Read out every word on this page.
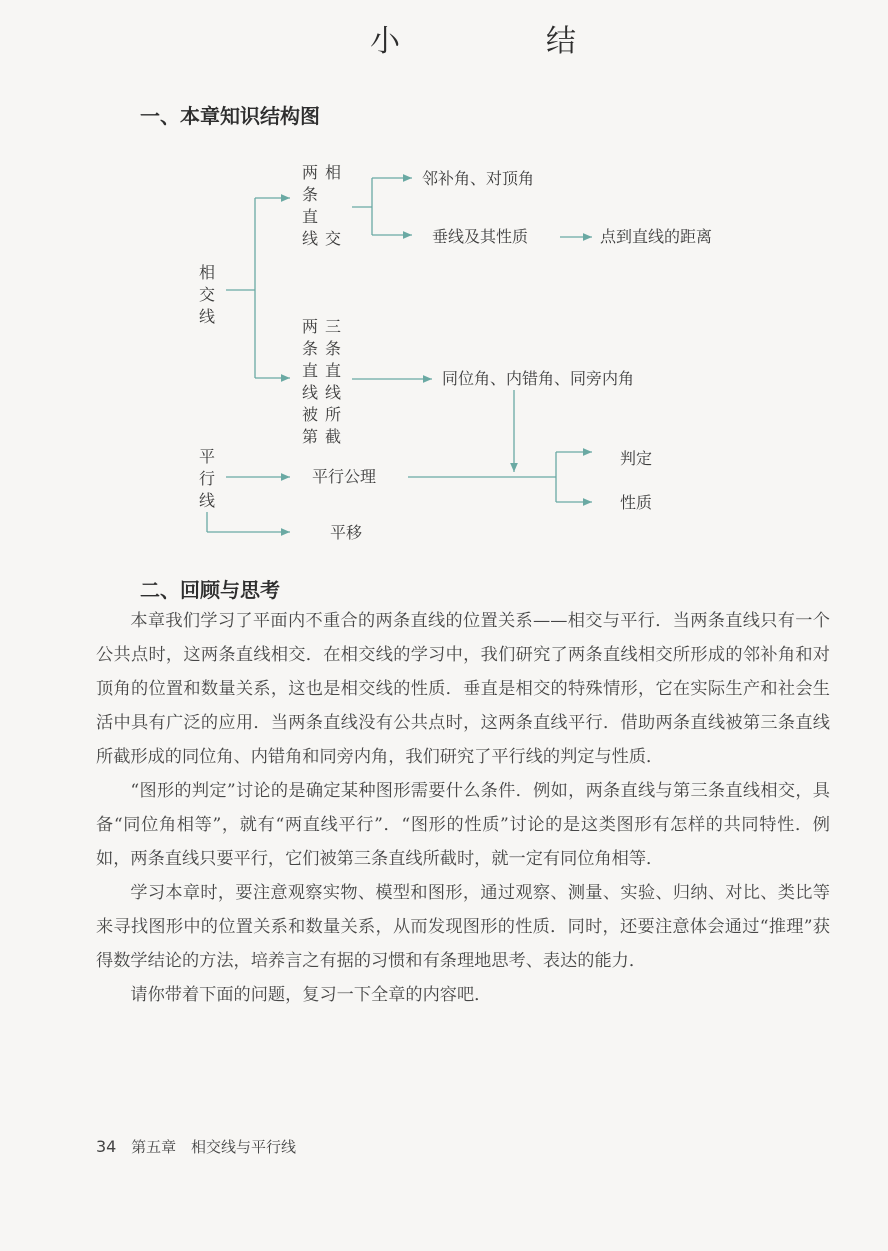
小　结
一、本章知识结构图
相
交
线
平
行
线
两
条
直
线
相
交
两
条
直
线
被
第
三
条
直
线
所
截
邻补角、对顶角
垂线及其性质	点到直线的距离
同位角、内错角、同旁内角
平行公理
判定
性质
平移
二、回顾与思考

本章我们学习了平面内不重合的两条直线的位置关系——相交与平行．当两条直线只有一个公共点时，这两条直线相交．在相交线的学习中，我们研究了两条直线相交所形成的邻补角和对顶角的位置和数量关系，这也是相交线的性质．垂直是相交的特殊情形，它在实际生产和社会生活中具有广泛的应用．当两条直线没有公共点时，这两条直线平行．借助两条直线被第三条直线所截形成的同位角、内错角和同旁内角，我们研究了平行线的判定与性质．

“图形的判定”讨论的是确定某种图形需要什么条件．例如，两条直线与第三条直线相交，具备“同位角相等”，就有“两直线平行”．“图形的性质”讨论的是这类图形有怎样的共同特性．例如，两条直线只要平行，它们被第三条直线所截时，就一定有同位角相等．

学习本章时，要注意观察实物、模型和图形，通过观察、测量、实验、归纳、对比、类比等来寻找图形中的位置关系和数量关系，从而发现图形的性质．同时，还要注意体会通过“推理”获得数学结论的方法，培养言之有据的习惯和有条理地思考、表达的能力．

请你带着下面的问题，复习一下全章的内容吧．

34 第五章 相交线与平行线
